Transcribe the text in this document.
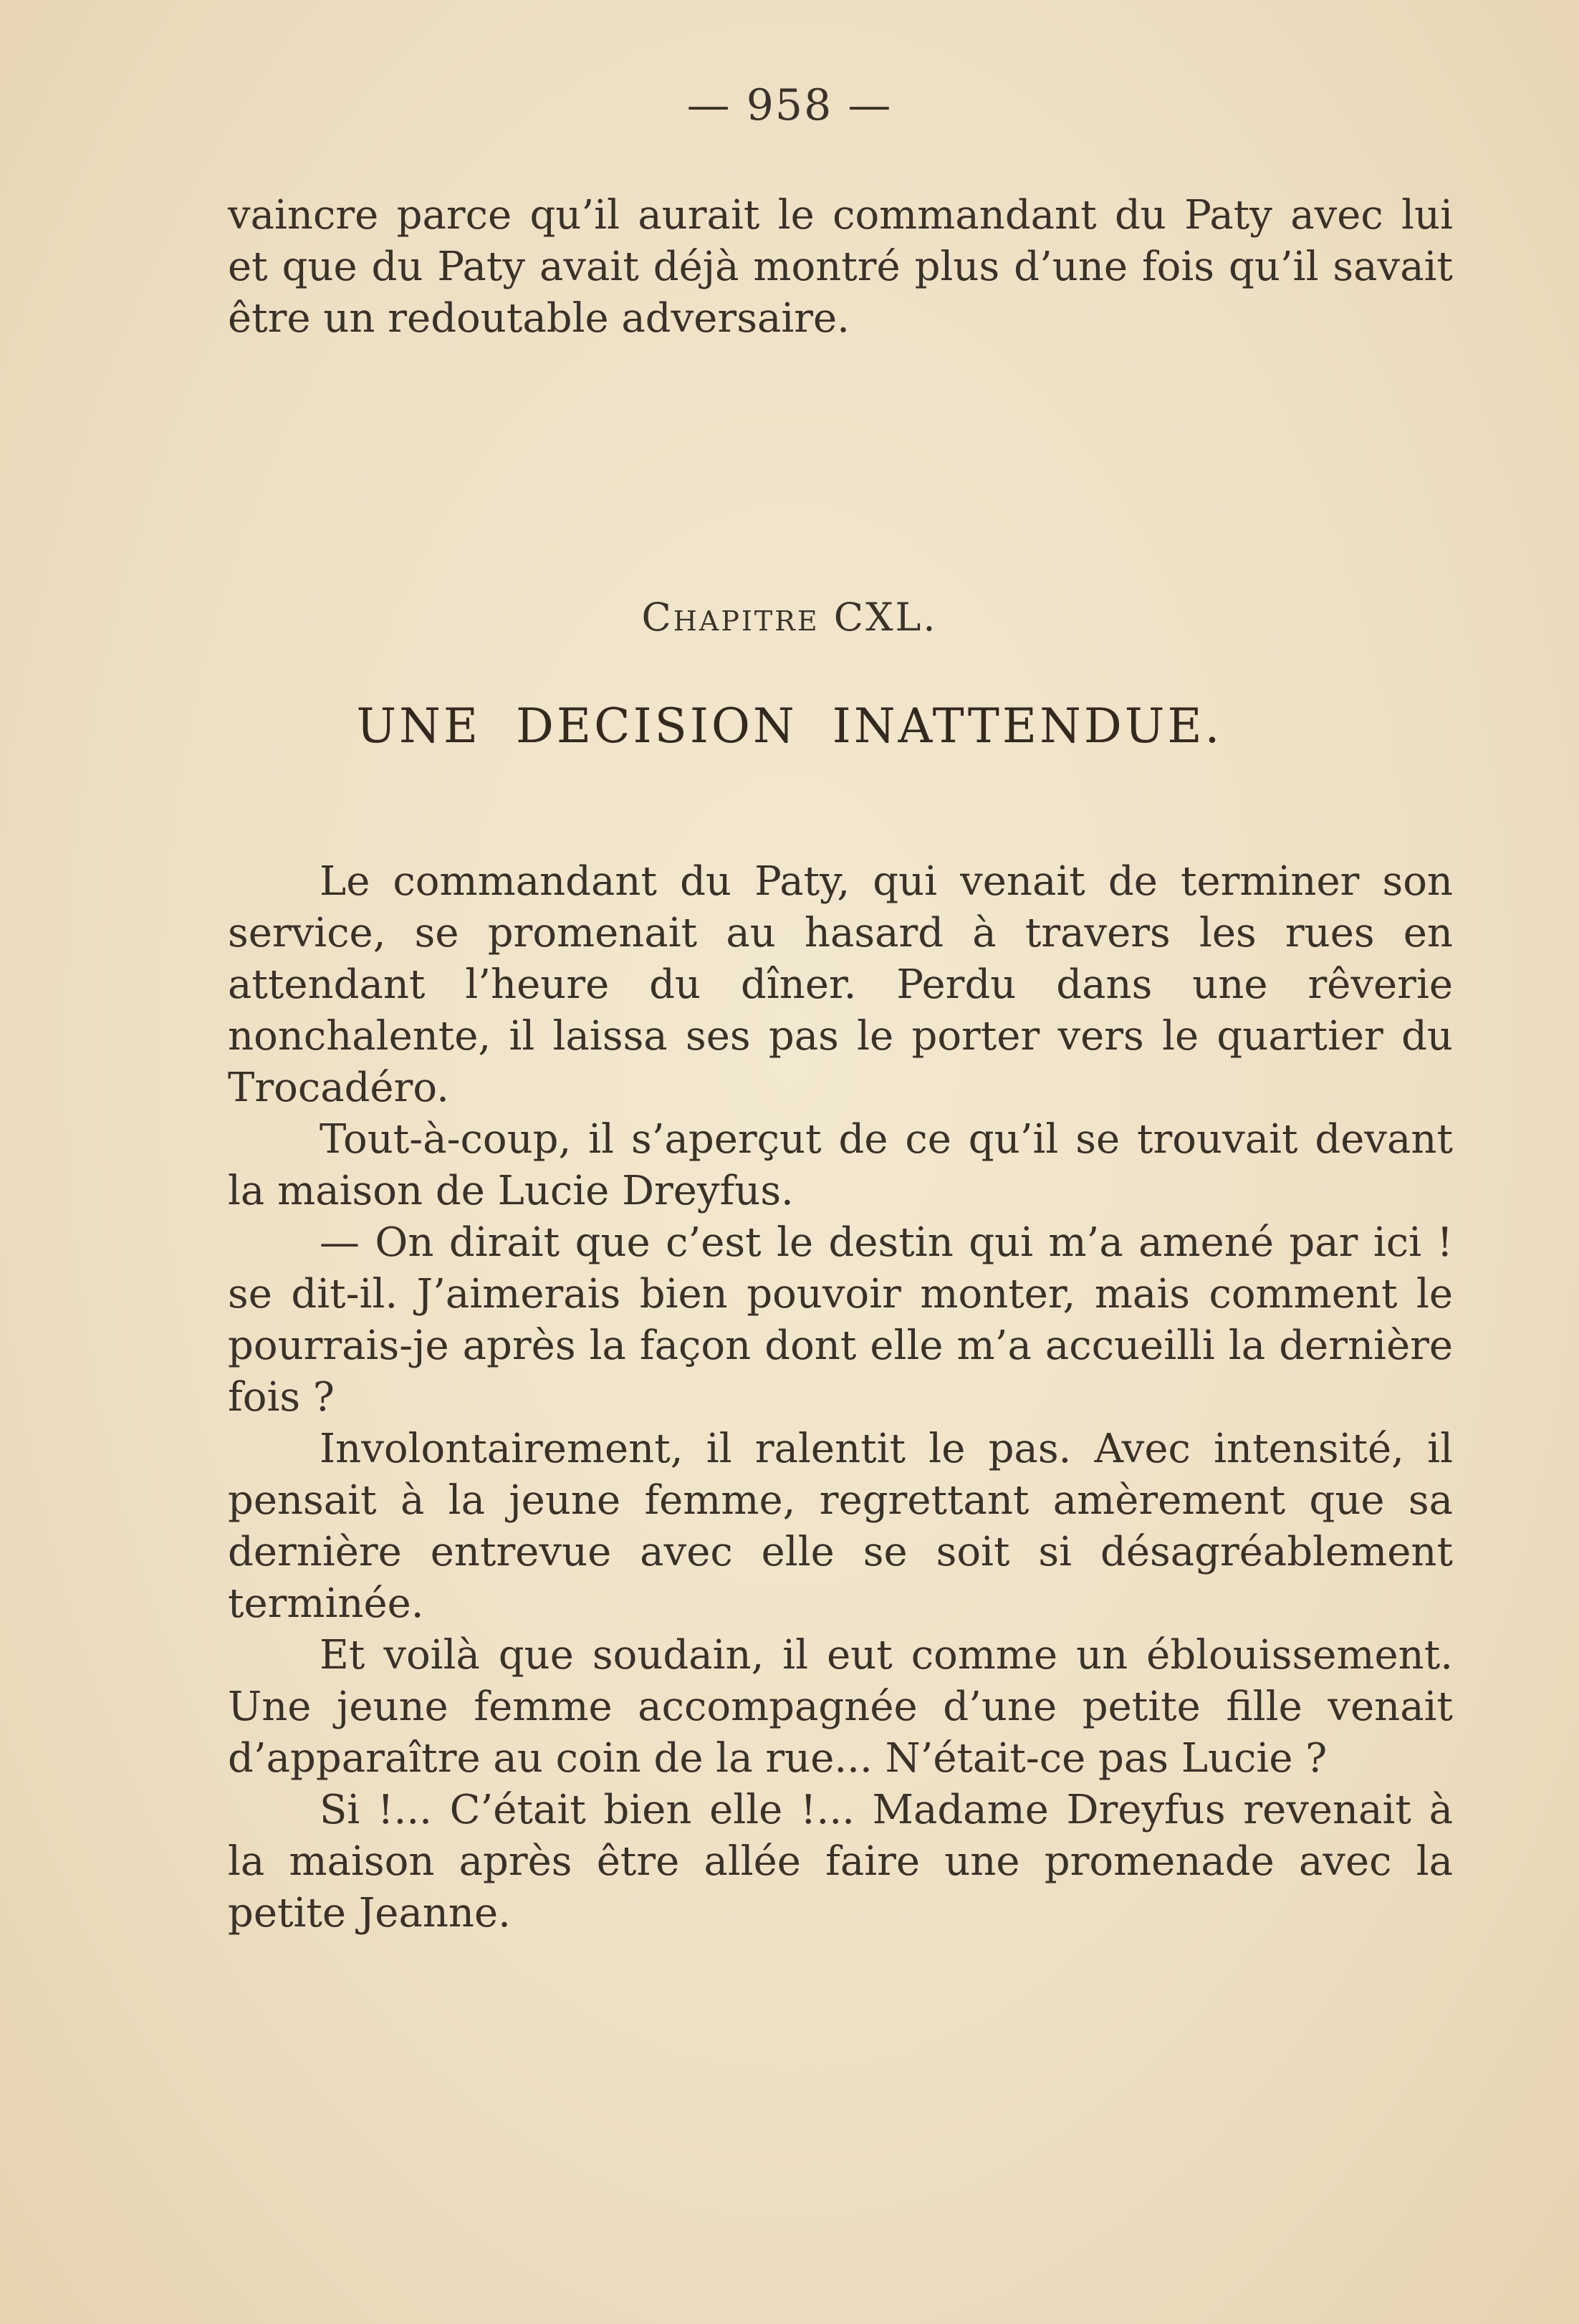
— 958 —

vaincre parce qu’il aurait le commandant du Paty avec lui et que du Paty avait déjà montré plus d’une fois qu’il savait être un redoutable adversaire.

Chapitre CXL.
UNE DECISION INATTENDUE.

Le commandant du Paty, qui venait de terminer son service, se promenait au hasard à travers les rues en attendant l’heure du dîner. Perdu dans une rêverie nonchalente, il laissa ses pas le porter vers le quartier du Trocadéro.

Tout-à-coup, il s’aperçut de ce qu’il se trouvait devant la maison de Lucie Dreyfus.

— On dirait que c’est le destin qui m’a amené par ici ! se dit-il. J’aimerais bien pouvoir monter, mais comment le pourrais-je après la façon dont elle m’a accueilli la dernière fois ?

Involontairement, il ralentit le pas. Avec intensité, il pensait à la jeune femme, regrettant amèrement que sa dernière entrevue avec elle se soit si désagréablement terminée.

Et voilà que soudain, il eut comme un éblouissement. Une jeune femme accompagnée d’une petite fille venait d’apparaître au coin de la rue... N’était-ce pas Lucie ?

Si !... C’était bien elle !... Madame Dreyfus revenait à la maison après être allée faire une promenade avec la petite Jeanne.
